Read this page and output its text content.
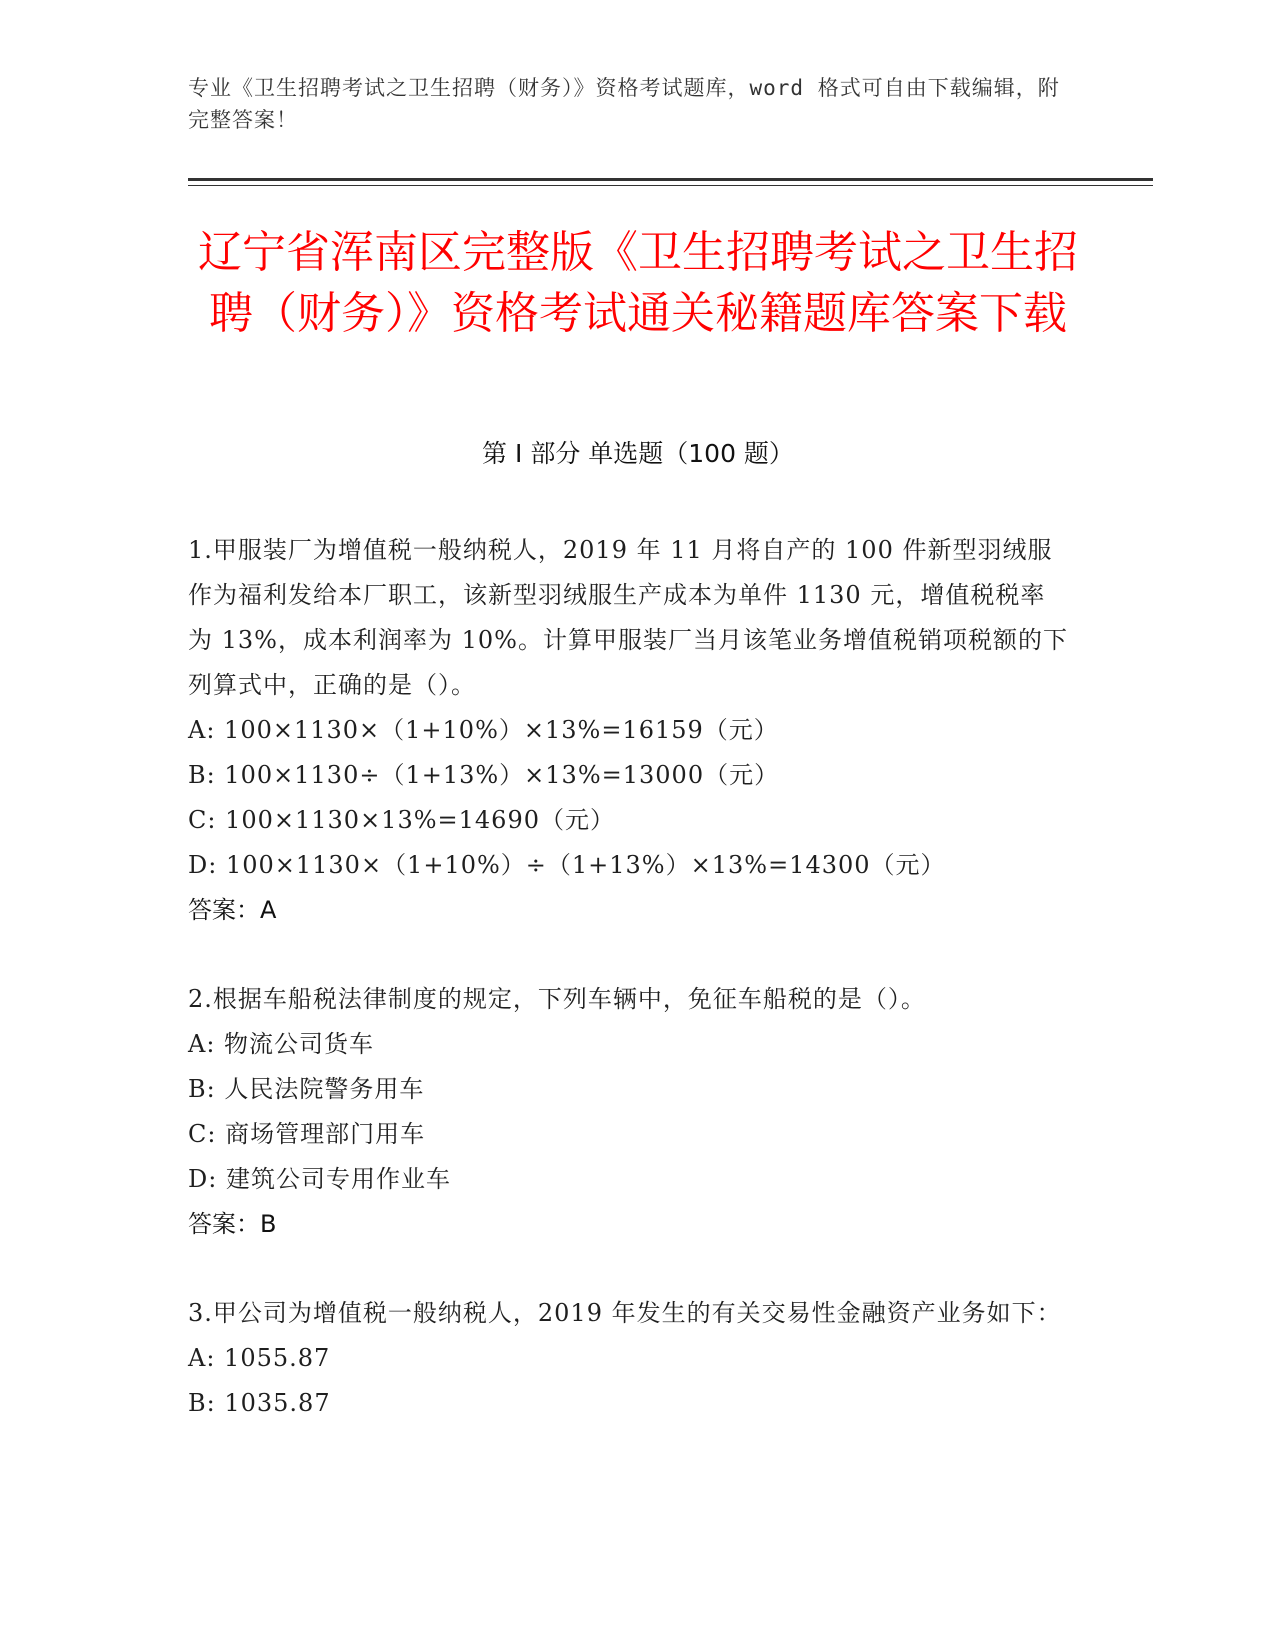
专业《卫生招聘考试之卫生招聘（财务）》资格考试题库，word 格式可自由下载编辑，附完整答案！
辽宁省浑南区完整版《卫生招聘考试之卫生招聘（财务）》资格考试通关秘籍题库答案下载
第 I 部分 单选题（100 题）

1.甲服装厂为增值税一般纳税人，2019 年 11 月将自产的 100 件新型羽绒服作为福利发给本厂职工，该新型羽绒服生产成本为单件 1130 元，增值税税率为 13%，成本利润率为 10%。计算甲服装厂当月该笔业务增值税销项税额的下列算式中，正确的是（）。

A: 100×1130×（1+10%）×13%=16159（元）

B: 100×1130÷（1+13%）×13%=13000（元）

C: 100×1130×13%=14690（元）

D: 100×1130×（1+10%）÷（1+13%）×13%=14300（元）

答案：A

2.根据车船税法律制度的规定，下列车辆中，免征车船税的是（）。

A: 物流公司货车

B: 人民法院警务用车

C: 商场管理部门用车

D: 建筑公司专用作业车

答案：B

3.甲公司为增值税一般纳税人，2019 年发生的有关交易性金融资产业务如下：

A: 1055.87

B: 1035.87
